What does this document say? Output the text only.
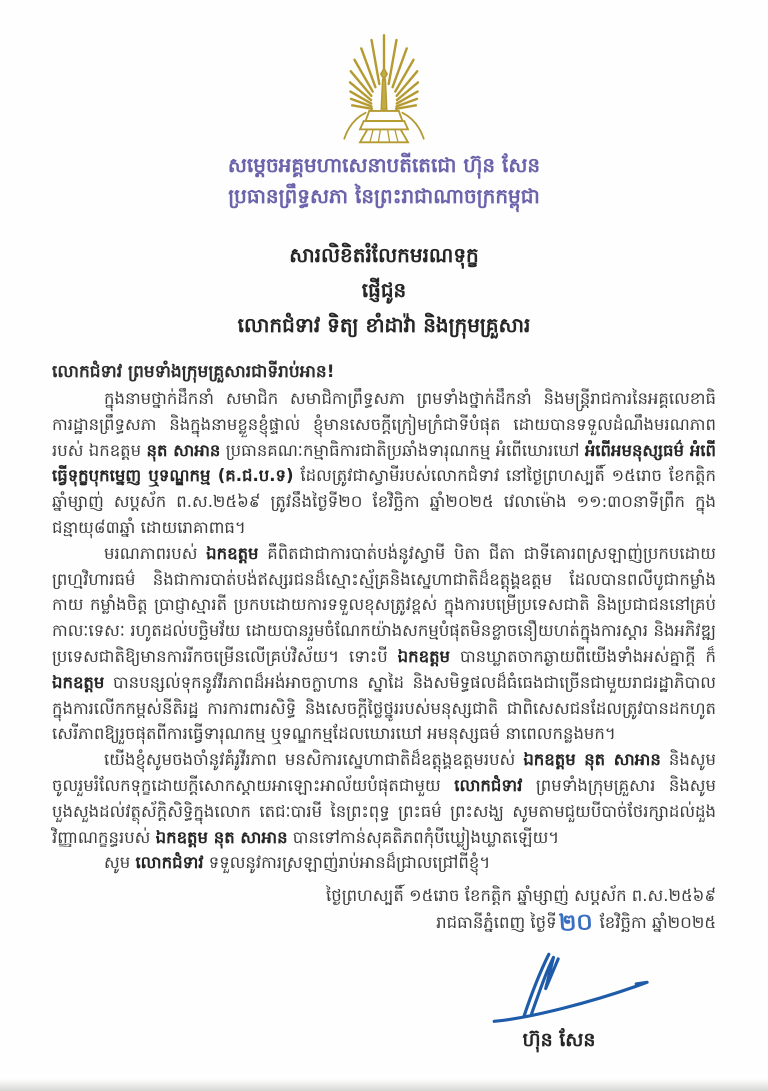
សម្តេចអគ្គមហាសេនាបតីតេជោ ហ៊ុន សែន
ប្រធានព្រឹទ្ធសភា នៃព្រះរាជាណាចក្រកម្ពុជា
សារលិខិតរំលែកមរណទុក្ខ
ផ្ញើជូន
លោកជំទាវ ទិត្យ ខាំដាវ៉ា និងក្រុមគ្រួសារ
លោកជំទាវ ព្រមទាំងក្រុមគ្រួសារជាទីរាប់អាន!

ក្នុងនាមថ្នាក់ដឹកនាំ សមាជិក សមាជិកាព្រឹទ្ធសភា ព្រមទាំងថ្នាក់ដឹកនាំ និងមន្ត្រីរាជការនៃអគ្គលេខាធិការដ្ឋានព្រឹទ្ធសភា និងក្នុងនាមខ្លួនខ្ញុំផ្ទាល់ ខ្ញុំមានសេចក្តីក្រៀមក្រំជាទីបំផុត ដោយបានទទួលដំណឹងមរណភាពរបស់ ឯកឧត្តម នុត សាអាន ប្រធានគណៈកម្មាធិការជាតិប្រឆាំងទារុណកម្ម អំពើឃោរឃៅ អំពើអមនុស្សធម៌ អំពើធ្វើទុក្ខបុកម្នេញ ឬទណ្ឌកម្ម (គ.ជ.ប.ទ) ដែលត្រូវជាស្វាមីរបស់លោកជំទាវ នៅថ្ងៃព្រហស្បតិ៍ ១៥រោច ខែកត្តិក ឆ្នាំម្សាញ់ សប្តស័ក ព.ស.២៥៦៩ ត្រូវនឹងថ្ងៃទី២០ ខែវិច្ឆិកា ឆ្នាំ២០២៥ វេលាម៉ោង ១១:៣០នាទីព្រឹក ក្នុងជន្មាយុ៨៣ឆ្នាំ ដោយរោគាពាធ។

មរណភាពរបស់ ឯកឧត្តម គឺពិតជាជាការបាត់បង់នូវស្វាមី បិតា ជីតា ជាទីគោរពស្រឡាញ់ប្រកបដោយព្រហ្មវិហារធម៌ និងជាការបាត់បង់ឥស្សរជនដ៏ស្មោះស្ម័គ្រនិងស្នេហាជាតិដ៏ឧត្តុង្គឧត្តម ដែលបានពលីបូជាកម្លាំងកាយ កម្លាំងចិត្ត ប្រាជ្ញាស្មារតី ប្រកបដោយការទទួលខុសត្រូវខ្ពស់ ក្នុងការបម្រើប្រទេសជាតិ និងប្រជាជននៅគ្រប់កាលៈទេសៈ រហូតដល់បច្ឆិមវ័យ ដោយបានរួមចំណែកយ៉ាងសកម្មបំផុតមិនខ្លាចនឿយហត់ក្នុងការស្តារ និងអភិវឌ្ឍប្រទេសជាតិឱ្យមានការរីកចម្រើនលើគ្រប់វិស័យ។ ទោះបី ឯកឧត្តម បានឃ្លាតចាកឆ្ងាយពីយើងទាំងអស់គ្នាក្តី ក៏ ឯកឧត្តម បានបន្សល់ទុកនូវវីរភាពដ៏អង់អាចក្លាហាន ស្នាដៃ និងសមិទ្ធផលដ៏ធំធេងជាច្រើនជាមួយរាជរដ្ឋាភិបាល ក្នុងការលើកកម្ពស់នីតិរដ្ឋ ការការពារសិទ្ធិ និងសេចក្តីថ្លៃថ្នូររបស់មនុស្សជាតិ ជាពិសេសជនដែលត្រូវបានដកហូតសេរីភាពឱ្យរួចផុតពីការធ្វើទារុណកម្ម ឬទណ្ឌកម្មដែលឃោរឃៅ អមនុស្សធម៌ នាពេលកន្លងមក។

យើងខ្ញុំសូមចងចាំនូវគំរូវីរភាព មនសិការស្នេហាជាតិដ៏ឧត្តុង្គឧត្តមរបស់ ឯកឧត្តម នុត សាអាន និងសូមចូលរួមរំលែកទុក្ខដោយក្តីសោកស្តាយអាឡោះអាល័យបំផុតជាមួយ លោកជំទាវ ព្រមទាំងក្រុមគ្រួសារ និងសូមបួងសួងដល់វត្ថុស័ក្តិសិទ្ធិក្នុងលោក តេជៈបារមី នៃព្រះពុទ្ធ ព្រះធម៌ ព្រះសង្ឃ សូមតាមជួយបីបាច់ថែរក្សាដល់ដួងវិញ្ញាណក្ខន្ធរបស់ ឯកឧត្តម នុត សាអាន បានទៅកាន់សុគតិភពកុំបីឃ្លៀងឃ្លាតឡើយ។

សូម លោកជំទាវ ទទួលនូវការស្រឡាញ់រាប់អានដ៏ជ្រាលជ្រៅពីខ្ញុំ។

ថ្ងៃព្រហស្បតិ៍ ១៥រោច ខែកត្តិក ឆ្នាំម្សាញ់ សប្តស័ក ព.ស.២៥៦៩
រាជធានីភ្នំពេញ ថ្ងៃទី២០ ខែវិច្ឆិកា ឆ្នាំ២០២៥
ហ៊ុន សែន
